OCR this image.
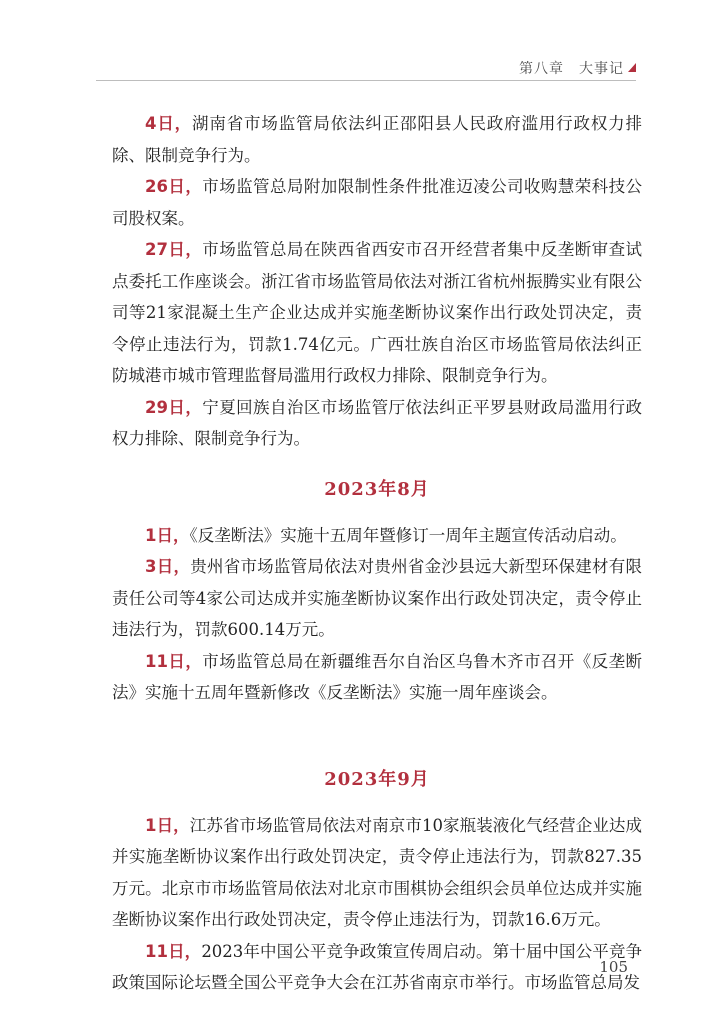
第八章　大事记

4日，湖南省市场监管局依法纠正邵阳县人民政府滥用行政权力排除、限制竞争行为。

26日，市场监管总局附加限制性条件批准迈凌公司收购慧荣科技公司股权案。

27日，市场监管总局在陕西省西安市召开经营者集中反垄断审查试点委托工作座谈会。浙江省市场监管局依法对浙江省杭州振腾实业有限公司等21家混凝土生产企业达成并实施垄断协议案作出行政处罚决定，责令停止违法行为，罚款1.74亿元。广西壮族自治区市场监管局依法纠正防城港市城市管理监督局滥用行政权力排除、限制竞争行为。

29日，宁夏回族自治区市场监管厅依法纠正平罗县财政局滥用行政权力排除、限制竞争行为。

2023年8月

1日，《反垄断法》实施十五周年暨修订一周年主题宣传活动启动。

3日，贵州省市场监管局依法对贵州省金沙县远大新型环保建材有限责任公司等4家公司达成并实施垄断协议案作出行政处罚决定，责令停止违法行为，罚款600.14万元。

11日，市场监管总局在新疆维吾尔自治区乌鲁木齐市召开《反垄断法》实施十五周年暨新修改《反垄断法》实施一周年座谈会。

2023年9月

1日，江苏省市场监管局依法对南京市10家瓶装液化气经营企业达成并实施垄断协议案作出行政处罚决定，责令停止违法行为，罚款827.35万元。北京市市场监管局依法对北京市围棋协会组织会员单位达成并实施垄断协议案作出行政处罚决定，责令停止违法行为，罚款16.6万元。

11日，2023年中国公平竞争政策宣传周启动。第十届中国公平竞争政策国际论坛暨全国公平竞争大会在江苏省南京市举行。市场监管总局发

105
